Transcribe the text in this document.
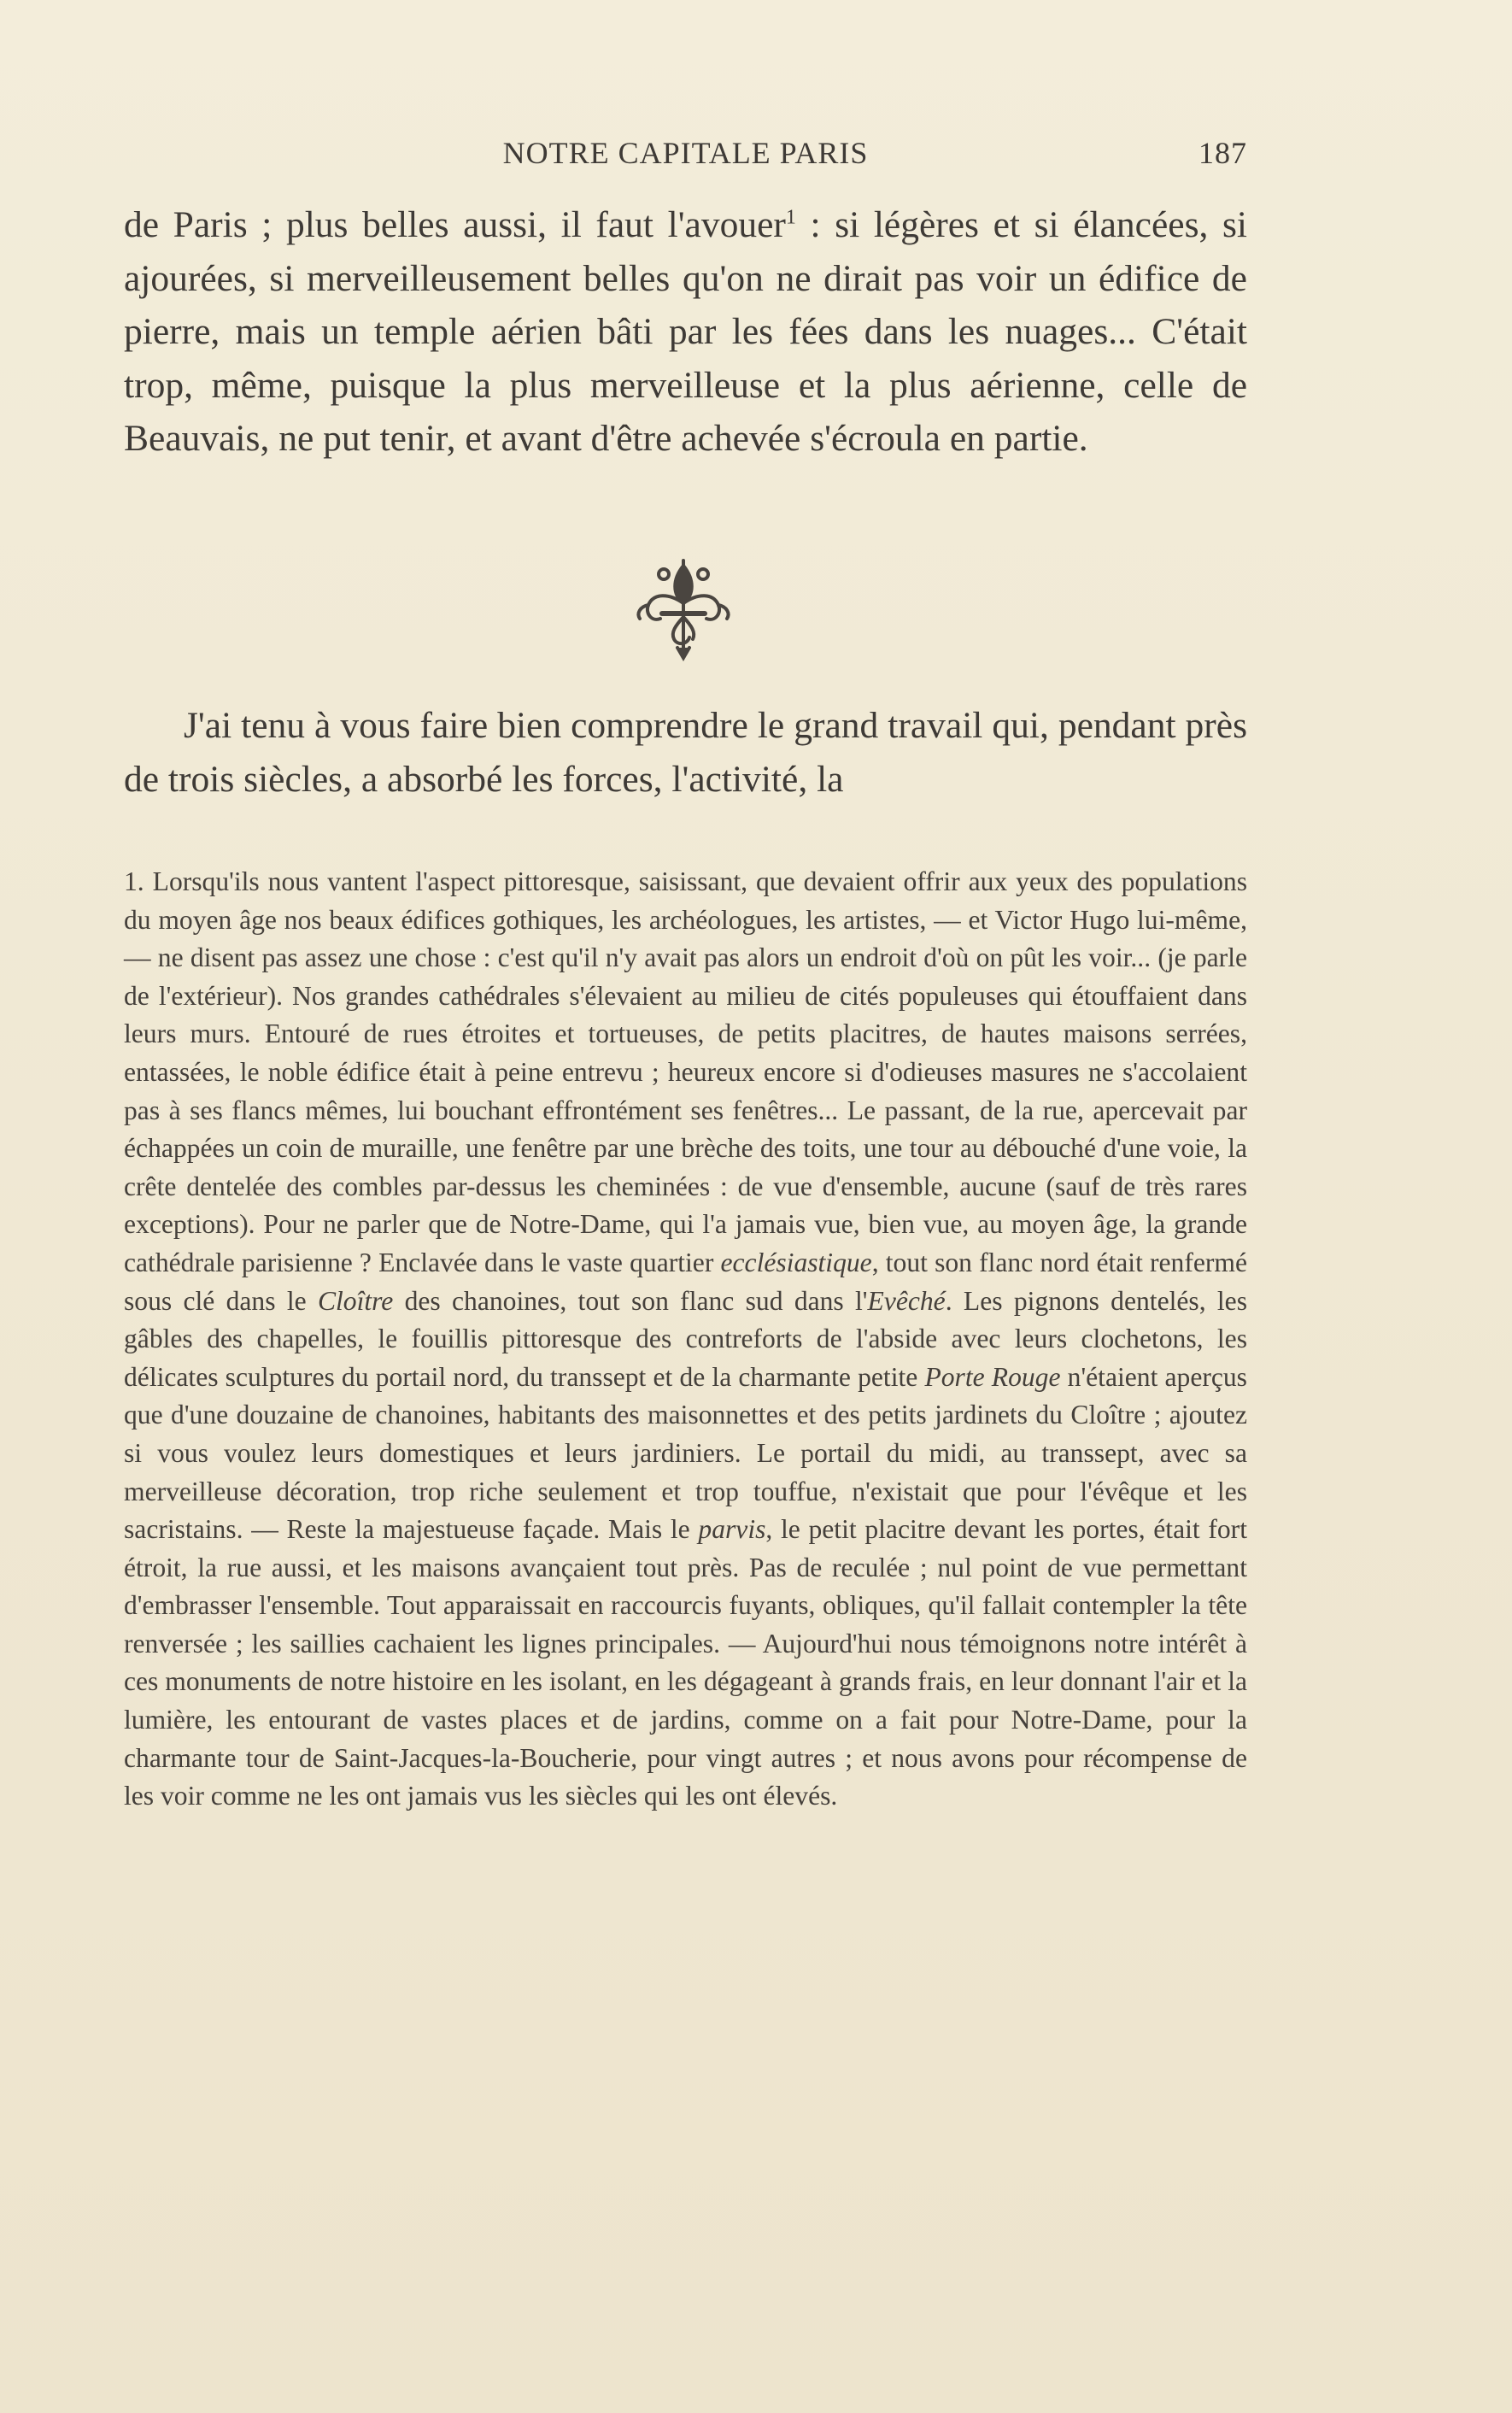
NOTRE CAPITALE PARIS	187

de Paris ; plus belles aussi, il faut l'avouer$^1$ : si légères et si élancées, si ajourées, si merveilleusement belles qu'on ne dirait pas voir un édifice de pierre, mais un temple aérien bâti par les fées dans les nuages... C'était trop, même, puisque la plus merveilleuse et la plus aérienne, celle de Beauvais, ne put tenir, et avant d'être achevée s'écroula en partie.

J'ai tenu à vous faire bien comprendre le grand travail qui, pendant près de trois siècles, a absorbé les forces, l'activité, la

1. Lorsqu'ils nous vantent l'aspect pittoresque, saisissant, que devaient offrir aux yeux des populations du moyen âge nos beaux édifices gothiques, les archéologues, les artistes, — et Victor Hugo lui-même, — ne disent pas assez une chose : c'est qu'il n'y avait pas alors un endroit d'où on pût les voir... (je parle de l'extérieur). Nos grandes cathédrales s'élevaient au milieu de cités populeuses qui étouffaient dans leurs murs. Entouré de rues étroites et tortueuses, de petits placitres, de hautes maisons serrées, entassées, le noble édifice était à peine entrevu ; heureux encore si d'odieuses masures ne s'accolaient pas à ses flancs mêmes, lui bouchant effrontément ses fenêtres... Le passant, de la rue, apercevait par échappées un coin de muraille, une fenêtre par une brèche des toits, une tour au débouché d'une voie, la crête dentelée des combles par-dessus les cheminées : de vue d'ensemble, aucune (sauf de très rares exceptions). Pour ne parler que de Notre-Dame, qui l'a jamais vue, bien vue, au moyen âge, la grande cathédrale parisienne ? Enclavée dans le vaste quartier ecclésiastique, tout son flanc nord était renfermé sous clé dans le Cloître des chanoines, tout son flanc sud dans l'Evêché. Les pignons dentelés, les gâbles des chapelles, le fouillis pittoresque des contreforts de l'abside avec leurs clochetons, les délicates sculptures du portail nord, du transsept et de la charmante petite Porte Rouge n'étaient aperçus que d'une douzaine de chanoines, habitants des maisonnettes et des petits jardinets du Cloître ; ajoutez si vous voulez leurs domestiques et leurs jardiniers. Le portail du midi, au transsept, avec sa merveilleuse décoration, trop riche seulement et trop touffue, n'existait que pour l'évêque et les sacristains. — Reste la majestueuse façade. Mais le parvis, le petit placitre devant les portes, était fort étroit, la rue aussi, et les maisons avançaient tout près. Pas de reculée ; nul point de vue permettant d'embrasser l'ensemble. Tout apparaissait en raccourcis fuyants, obliques, qu'il fallait contempler la tête renversée ; les saillies cachaient les lignes principales. — Aujourd'hui nous témoignons notre intérêt à ces monuments de notre histoire en les isolant, en les dégageant à grands frais, en leur donnant l'air et la lumière, les entourant de vastes places et de jardins, comme on a fait pour Notre-Dame, pour la charmante tour de Saint-Jacques-la-Boucherie, pour vingt autres ; et nous avons pour récompense de les voir comme ne les ont jamais vus les siècles qui les ont élevés.
